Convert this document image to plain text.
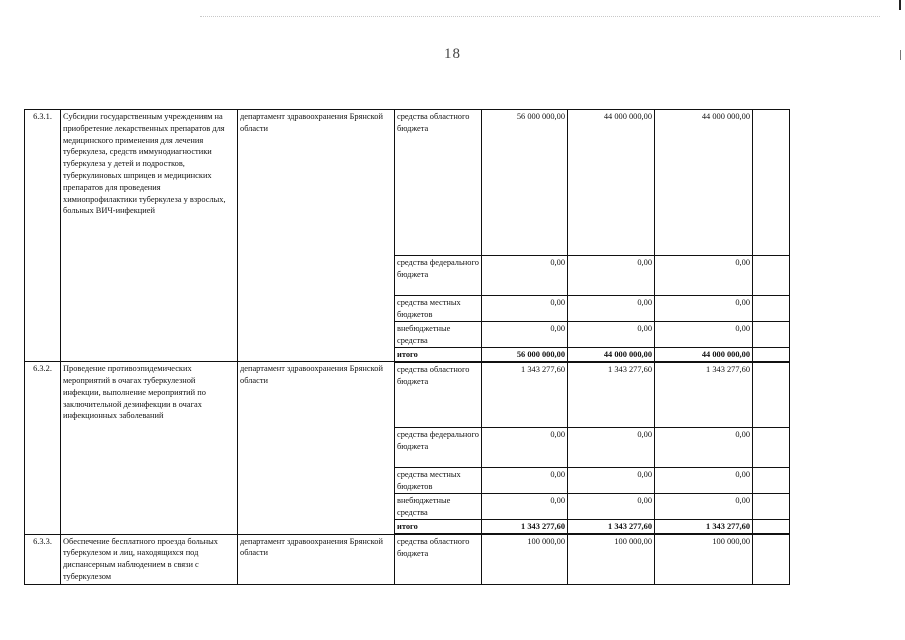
18
6.3.1.	Субсидии государственным учреждениям на приобретение лекарственных препаратов для медицинского применения для лечения туберкулеза, средств иммунодиагностики туберкулеза у детей и подростков, туберкулиновых шприцев и медицинских препаратов для проведения химиопрофилактики туберкулеза у взрослых, больных ВИЧ-инфекцией	департамент здравоохранения Брянской области	средства областного бюджета	56 000 000,00	44 000 000,00	44 000 000,00	
			средства федерального бюджета	0,00	0,00	0,00	
			средства местных бюджетов	0,00	0,00	0,00	
			внебюджетные средства	0,00	0,00	0,00	
			итого	56 000 000,00	44 000 000,00	44 000 000,00	
6.3.2.	Проведение противоэпидемических мероприятий в очагах туберкулезной инфекции, выполнение мероприятий по заключительной дезинфекции в очагах инфекционных заболеваний	департамент здравоохранения Брянской области	средства областного бюджета	1 343 277,60	1 343 277,60	1 343 277,60	
			средства федерального бюджета	0,00	0,00	0,00	
			средства местных бюджетов	0,00	0,00	0,00	
			внебюджетные средства	0,00	0,00	0,00	
			итого	1 343 277,60	1 343 277,60	1 343 277,60	
6.3.3.	Обеспечение бесплатного проезда больных туберкулезом и лиц, находящихся под диспансерным наблюдением в связи с туберкулезом	департамент здравоохранения Брянской области	средства областного бюджета	100 000,00	100 000,00	100 000,00	
